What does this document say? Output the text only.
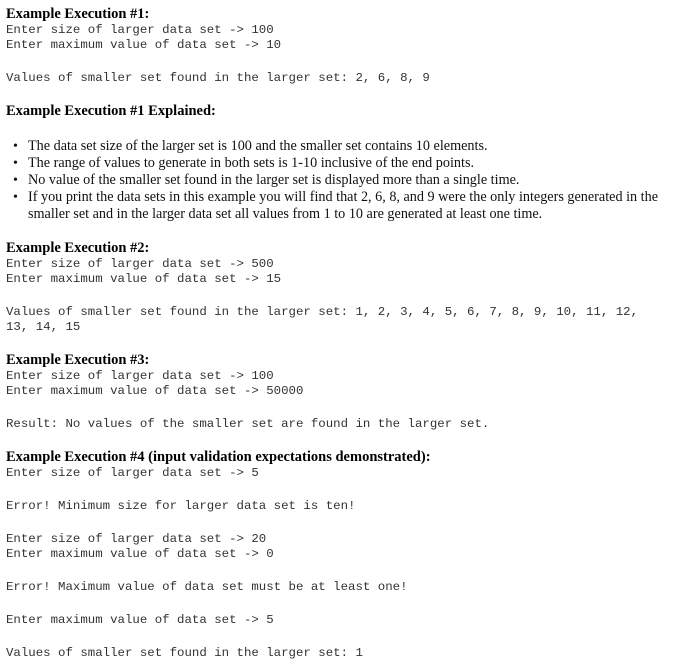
Example Execution #1:

Enter size of larger data set -> 100

Enter maximum value of data set -> 10

Values of smaller set found in the larger set: 2, 6, 8, 9

Example Execution #1 Explained:

• The data set size of the larger set is 100 and the smaller set contains 10 elements.
• The range of values to generate in both sets is 1-10 inclusive of the end points.
• No value of the smaller set found in the larger set is displayed more than a single time.
• If you print the data sets in this example you will find that 2, 6, 8, and 9 were the only integers generated in the smaller set and in the larger data set all values from 1 to 10 are generated at least one time.

Example Execution #2:

Enter size of larger data set -> 500

Enter maximum value of data set -> 15

Values of smaller set found in the larger set: 1, 2, 3, 4, 5, 6, 7, 8, 9, 10, 11, 12, 13, 14, 15

Example Execution #3:

Enter size of larger data set -> 100

Enter maximum value of data set -> 50000

Result: No values of the smaller set are found in the larger set.

Example Execution #4 (input validation expectations demonstrated):

Enter size of larger data set -> 5

Error! Minimum size for larger data set is ten!

Enter size of larger data set -> 20

Enter maximum value of data set -> 0

Error! Maximum value of data set must be at least one!

Enter maximum value of data set -> 5

Values of smaller set found in the larger set: 1
